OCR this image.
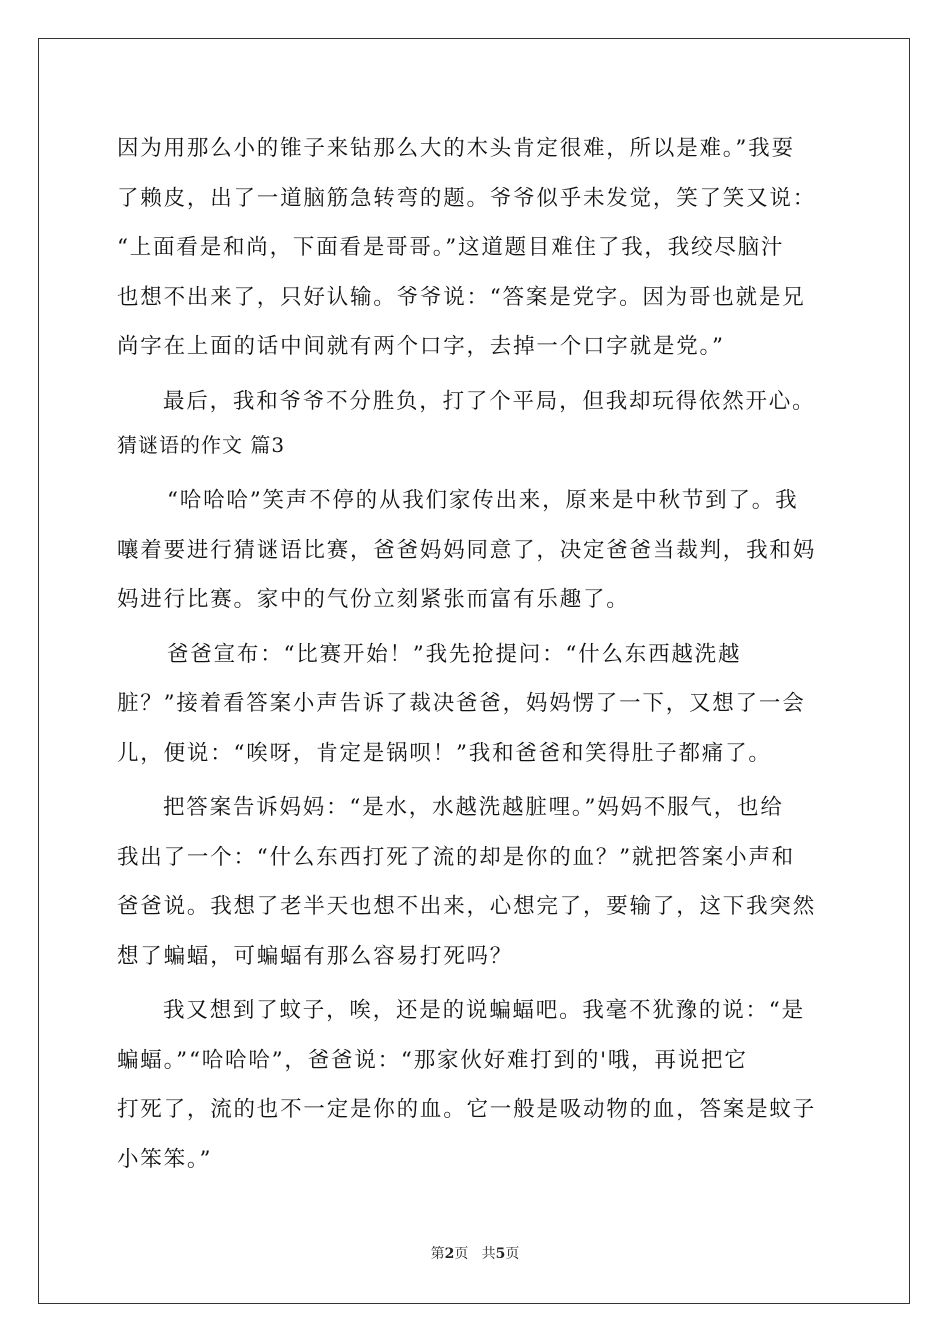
因为用那么小的锥子来钻那么大的木头肯定很难，所以是难。”我耍
了赖皮，出了一道脑筋急转弯的题。爷爷似乎未发觉，笑了笑又说：
“上面看是和尚，下面看是哥哥。”这道题目难住了我，我绞尽脑汁
也想不出来了，只好认输。爷爷说：“答案是党字。因为哥也就是兄
尚字在上面的话中间就有两个口字，去掉一个口字就是党。”
最后，我和爷爷不分胜负，打了个平局，但我却玩得依然开心。
猜谜语的作文 篇3
“哈哈哈”笑声不停的从我们家传出来，原来是中秋节到了。我
嚷着要进行猜谜语比赛，爸爸妈妈同意了，决定爸爸当裁判，我和妈
妈进行比赛。家中的气份立刻紧张而富有乐趣了。
爸爸宣布：“比赛开始！”我先抢提问：“什么东西越洗越
脏？”接着看答案小声告诉了裁决爸爸，妈妈愣了一下，又想了一会
儿，便说：“唉呀，肯定是锅呗！”我和爸爸和笑得肚子都痛了。
把答案告诉妈妈：“是水，水越洗越脏哩。”妈妈不服气，也给
我出了一个：“什么东西打死了流的却是你的血？”就把答案小声和
爸爸说。我想了老半天也想不出来，心想完了，要输了，这下我突然
想了蝙蝠，可蝙蝠有那么容易打死吗？
我又想到了蚊子，唉，还是的说蝙蝠吧。我毫不犹豫的说：“是
蝙蝠。”“哈哈哈”，爸爸说：“那家伙好难打到的'哦，再说把它
打死了，流的也不一定是你的血。它一般是吸动物的血，答案是蚊子
小笨笨。”
第2页 共5页
